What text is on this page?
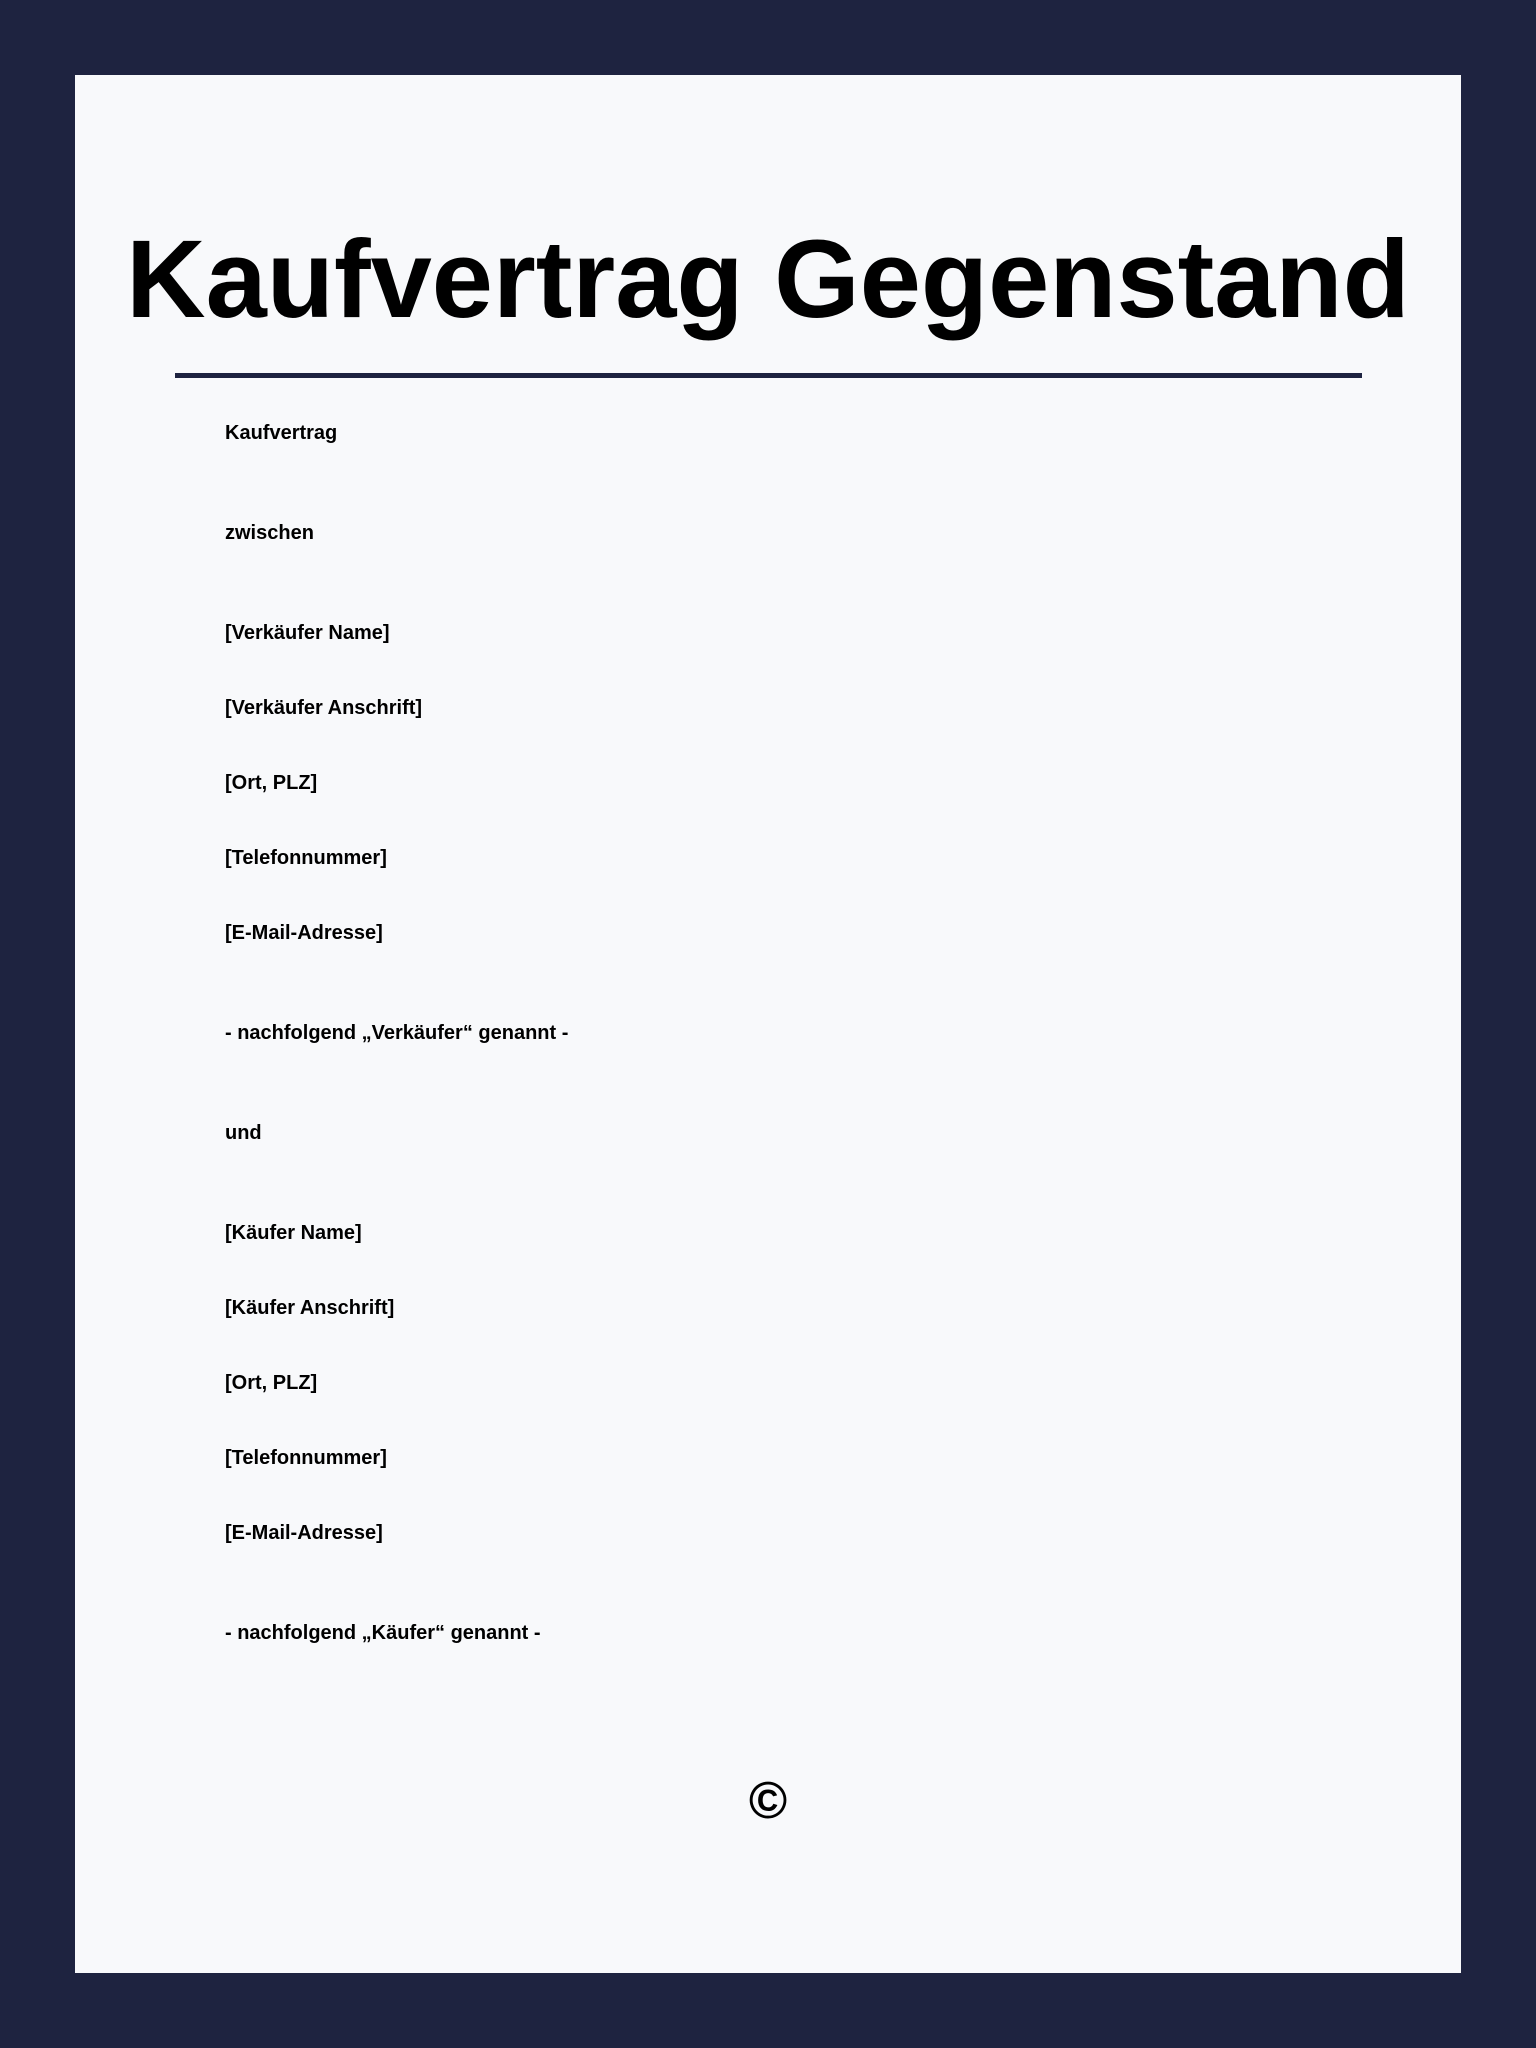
Kaufvertrag Gegenstand
Kaufvertrag
zwischen
[Verkäufer Name]
[Verkäufer Anschrift]
[Ort, PLZ]
[Telefonnummer]
[E-Mail-Adresse]
- nachfolgend „Verkäufer“ genannt -
und
[Käufer Name]
[Käufer Anschrift]
[Ort, PLZ]
[Telefonnummer]
[E-Mail-Adresse]
- nachfolgend „Käufer“ genannt -
©
